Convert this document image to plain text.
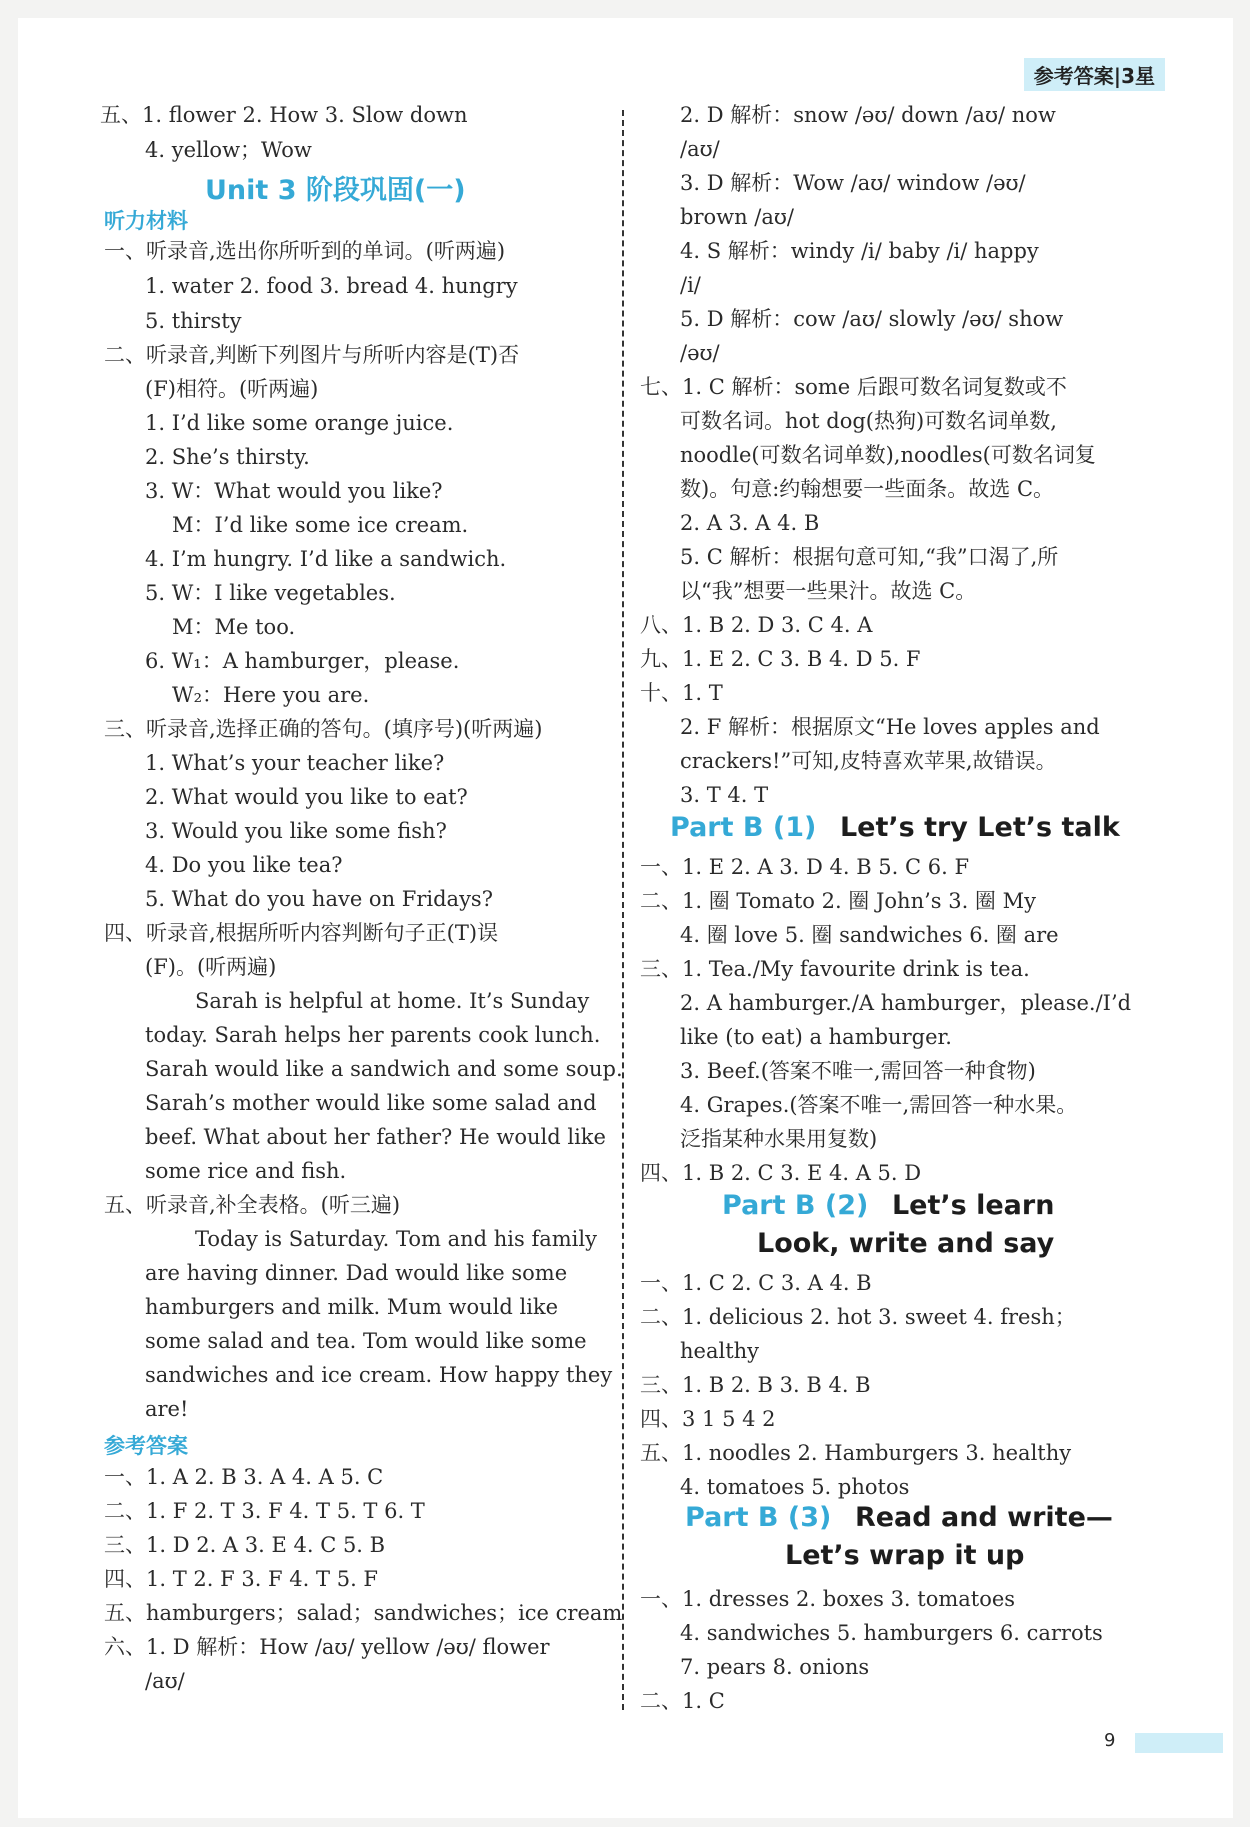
参考答案|3星
Unit 3 阶段巩固(一)
听力材料
参考答案
Part B (1) Let’s try Let’s talk
Part B (2) Let’s learn
Look, write and say
Part B (3) Read and write—
Let’s wrap it up
五、1. flower 2. How 3. Slow down
4. yellow；Wow
一、听录音,选出你所听到的单词。(听两遍)
1. water 2. food 3. bread 4. hungry
5. thirsty
二、听录音,判断下列图片与所听内容是(T)否
(F)相符。(听两遍)
1. I’d like some orange juice.
2. She’s thirsty.
3. W：What would you like?
M：I’d like some ice cream.
4. I’m hungry. I’d like a sandwich.
5. W：I like vegetables.
M：Me too.
6. W₁：A hamburger，please.
W₂：Here you are.
三、听录音,选择正确的答句。(填序号)(听两遍)
1. What’s your teacher like?
2. What would you like to eat?
3. Would you like some fish?
4. Do you like tea?
5. What do you have on Fridays?
四、听录音,根据所听内容判断句子正(T)误
(F)。(听两遍)
Sarah is helpful at home. It’s Sunday
today. Sarah helps her parents cook lunch.
Sarah would like a sandwich and some soup.
Sarah’s mother would like some salad and
beef. What about her father? He would like
some rice and fish.
五、听录音,补全表格。(听三遍)
Today is Saturday. Tom and his family
are having dinner. Dad would like some
hamburgers and milk. Mum would like
some salad and tea. Tom would like some
sandwiches and ice cream. How happy they
are!
一、1. A 2. B 3. A 4. A 5. C
二、1. F 2. T 3. F 4. T 5. T 6. T
三、1. D 2. A 3. E 4. C 5. B
四、1. T 2. F 3. F 4. T 5. F
五、hamburgers；salad；sandwiches；ice cream
六、1. D 解析：How /aʊ/ yellow /əʊ/ flower
/aʊ/
2. D 解析：snow /əʊ/ down /aʊ/ now
/aʊ/
3. D 解析：Wow /aʊ/ window /əʊ/
brown /aʊ/
4. S 解析：windy /i/ baby /i/ happy
/i/
5. D 解析：cow /aʊ/ slowly /əʊ/ show
/əʊ/
七、1. C 解析：some 后跟可数名词复数或不
可数名词。hot dog(热狗)可数名词单数,
noodle(可数名词单数),noodles(可数名词复
数)。句意:约翰想要一些面条。故选 C。
2. A 3. A 4. B
5. C 解析：根据句意可知,“我”口渴了,所
以“我”想要一些果汁。故选 C。
八、1. B 2. D 3. C 4. A
九、1. E 2. C 3. B 4. D 5. F
十、1. T
2. F 解析：根据原文“He loves apples and
crackers!”可知,皮特喜欢苹果,故错误。
3. T 4. T
一、1. E 2. A 3. D 4. B 5. C 6. F
二、1. 圈 Tomato 2. 圈 John’s 3. 圈 My
4. 圈 love 5. 圈 sandwiches 6. 圈 are
三、1. Tea./My favourite drink is tea.
2. A hamburger./A hamburger，please./I’d
like (to eat) a hamburger.
3. Beef.(答案不唯一,需回答一种食物)
4. Grapes.(答案不唯一,需回答一种水果。
泛指某种水果用复数)
四、1. B 2. C 3. E 4. A 5. D
一、1. C 2. C 3. A 4. B
二、1. delicious 2. hot 3. sweet 4. fresh；
healthy
三、1. B 2. B 3. B 4. B
四、3 1 5 4 2
五、1. noodles 2. Hamburgers 3. healthy
4. tomatoes 5. photos
一、1. dresses 2. boxes 3. tomatoes
4. sandwiches 5. hamburgers 6. carrots
7. pears 8. onions
二、1. C
9
